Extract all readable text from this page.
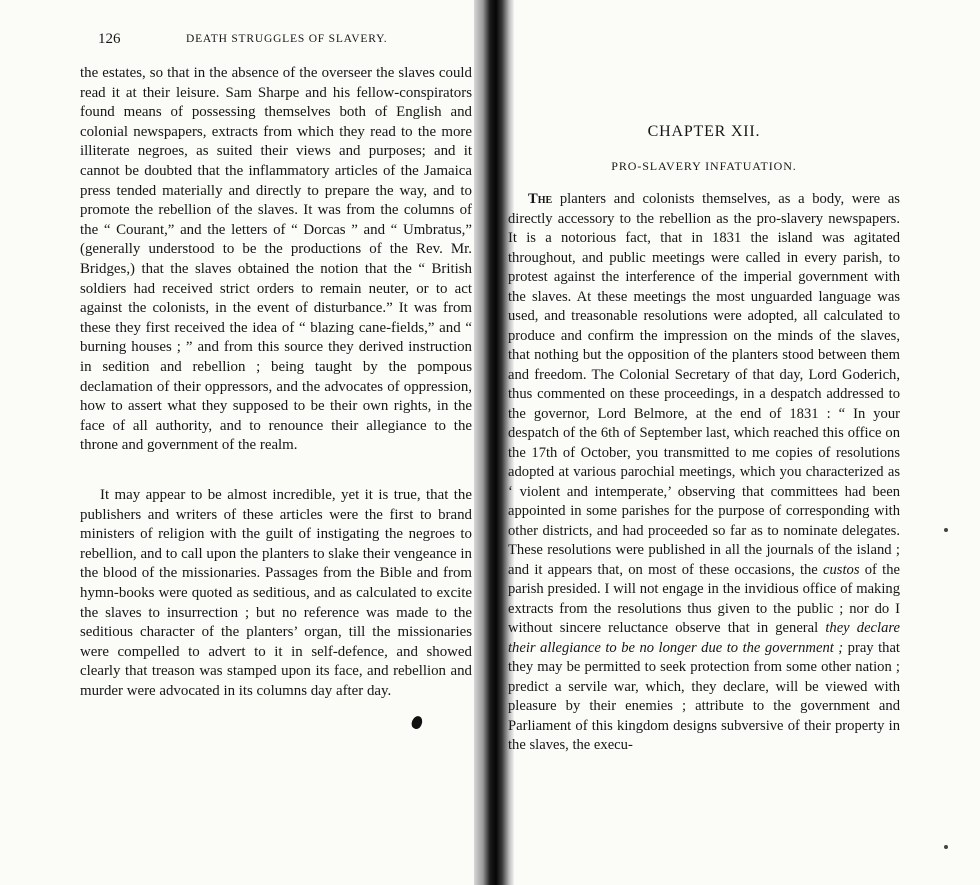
126	DEATH STRUGGLES OF SLAVERY.
the estates, so that in the absence of the overseer the slaves could read it at their leisure. Sam Sharpe and his fellow-conspirators found means of possessing themselves both of English and colonial newspapers, extracts from which they read to the more illiterate negroes, as suited their views and purposes; and it cannot be doubted that the inflammatory articles of the Jamaica press tended materially and directly to prepare the way, and to promote the rebellion of the slaves. It was from the columns of the “ Courant,” and the letters of “ Dorcas ” and “ Umbratus,” (generally understood to be the productions of the Rev. Mr. Bridges,) that the slaves obtained the notion that the “ British soldiers had received strict orders to remain neuter, or to act against the colonists, in the event of disturbance.” It was from these they first received the idea of “ blazing cane-fields,” and “ burning houses ; ” and from this source they derived instruction in sedition and rebellion ; being taught by the pompous declamation of their oppressors, and the advocates of oppression, how to assert what they supposed to be their own rights, in the face of all authority, and to renounce their allegiance to the throne and government of the realm.
It may appear to be almost incredible, yet it is true, that the publishers and writers of these articles were the first to brand ministers of religion with the guilt of instigating the negroes to rebellion, and to call upon the planters to slake their vengeance in the blood of the missionaries. Passages from the Bible and from hymn-books were quoted as seditious, and as calculated to excite the slaves to insurrection ; but no reference was made to the seditious character of the planters’ organ, till the missionaries were compelled to advert to it in self-defence, and showed clearly that treason was stamped upon its face, and rebellion and murder were advocated in its columns day after day.
CHAPTER XII.
PRO-SLAVERY INFATUATION.
The planters and colonists themselves, as a body, were as directly accessory to the rebellion as the pro-slavery newspapers. It is a notorious fact, that in 1831 the island was agitated throughout, and public meetings were called in every parish, to protest against the interference of the imperial government with the slaves. At these meetings the most unguarded language was used, and treasonable resolutions were adopted, all calculated to produce and confirm the impression on the minds of the slaves, that nothing but the opposition of the planters stood between them and freedom. The Colonial Secretary of that day, Lord Goderich, thus commented on these proceedings, in a despatch addressed to the governor, Lord Belmore, at the end of 1831 : “ In your despatch of the 6th of September last, which reached this office on the 17th of October, you transmitted to me copies of resolutions adopted at various parochial meetings, which you characterized as ‘ violent and intemperate,’ observing that committees had been appointed in some parishes for the purpose of corresponding with other districts, and had proceeded so far as to nominate delegates. These resolutions were published in all the journals of the island ; and it appears that, on most of these occasions, the custos of the parish presided. I will not engage in the invidious office of making extracts from the resolutions thus given to the public ; nor do I without sincere reluctance observe that in general they declare their allegiance to be no longer due to the government ; pray that they may be permitted to seek protection from some other nation ; predict a servile war, which, they declare, will be viewed with pleasure by their enemies ; attribute to the government and Parliament of this kingdom designs subversive of their property in the slaves, the execu-
